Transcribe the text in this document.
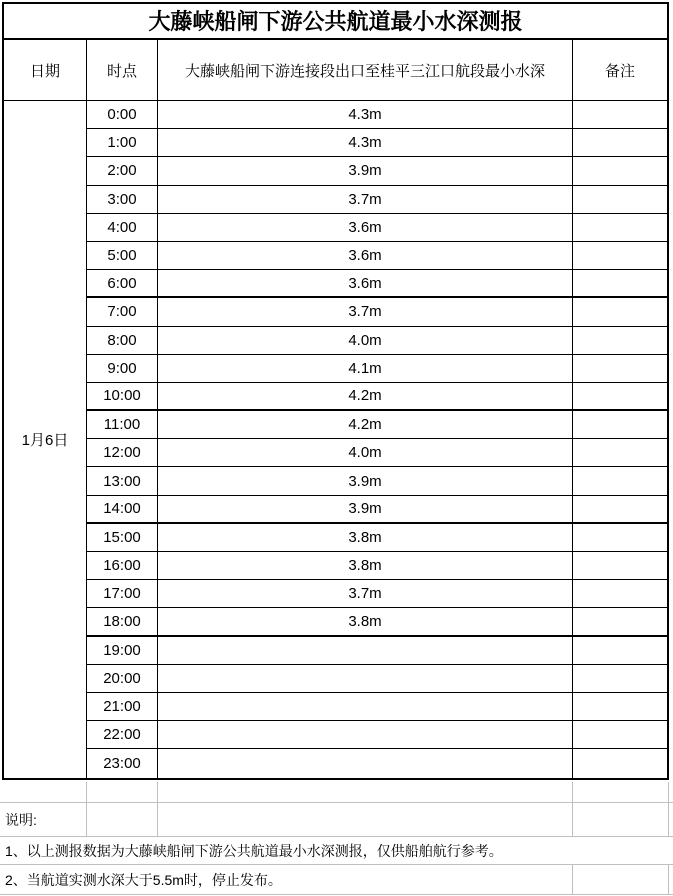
大藤峡船闸下游公共航道最小水深测报
日期	时点	大藤峡船闸下游连接段出口至桂平三江口航段最小水深	备注
1月6日
0:00	4.3m
1:00	4.3m
2:00	3.9m
3:00	3.7m
4:00	3.6m
5:00	3.6m
6:00	3.6m
7:00	3.7m
8:00	4.0m
9:00	4.1m
10:00	4.2m
11:00	4.2m
12:00	4.0m
13:00	3.9m
14:00	3.9m
15:00	3.8m
16:00	3.8m
17:00	3.7m
18:00	3.8m
19:00
20:00
21:00
22:00
23:00
说明:
1、以上测报数据为大藤峡船闸下游公共航道最小水深测报，仅供船舶航行参考。
2、当航道实测水深大于5.5m时，停止发布。
